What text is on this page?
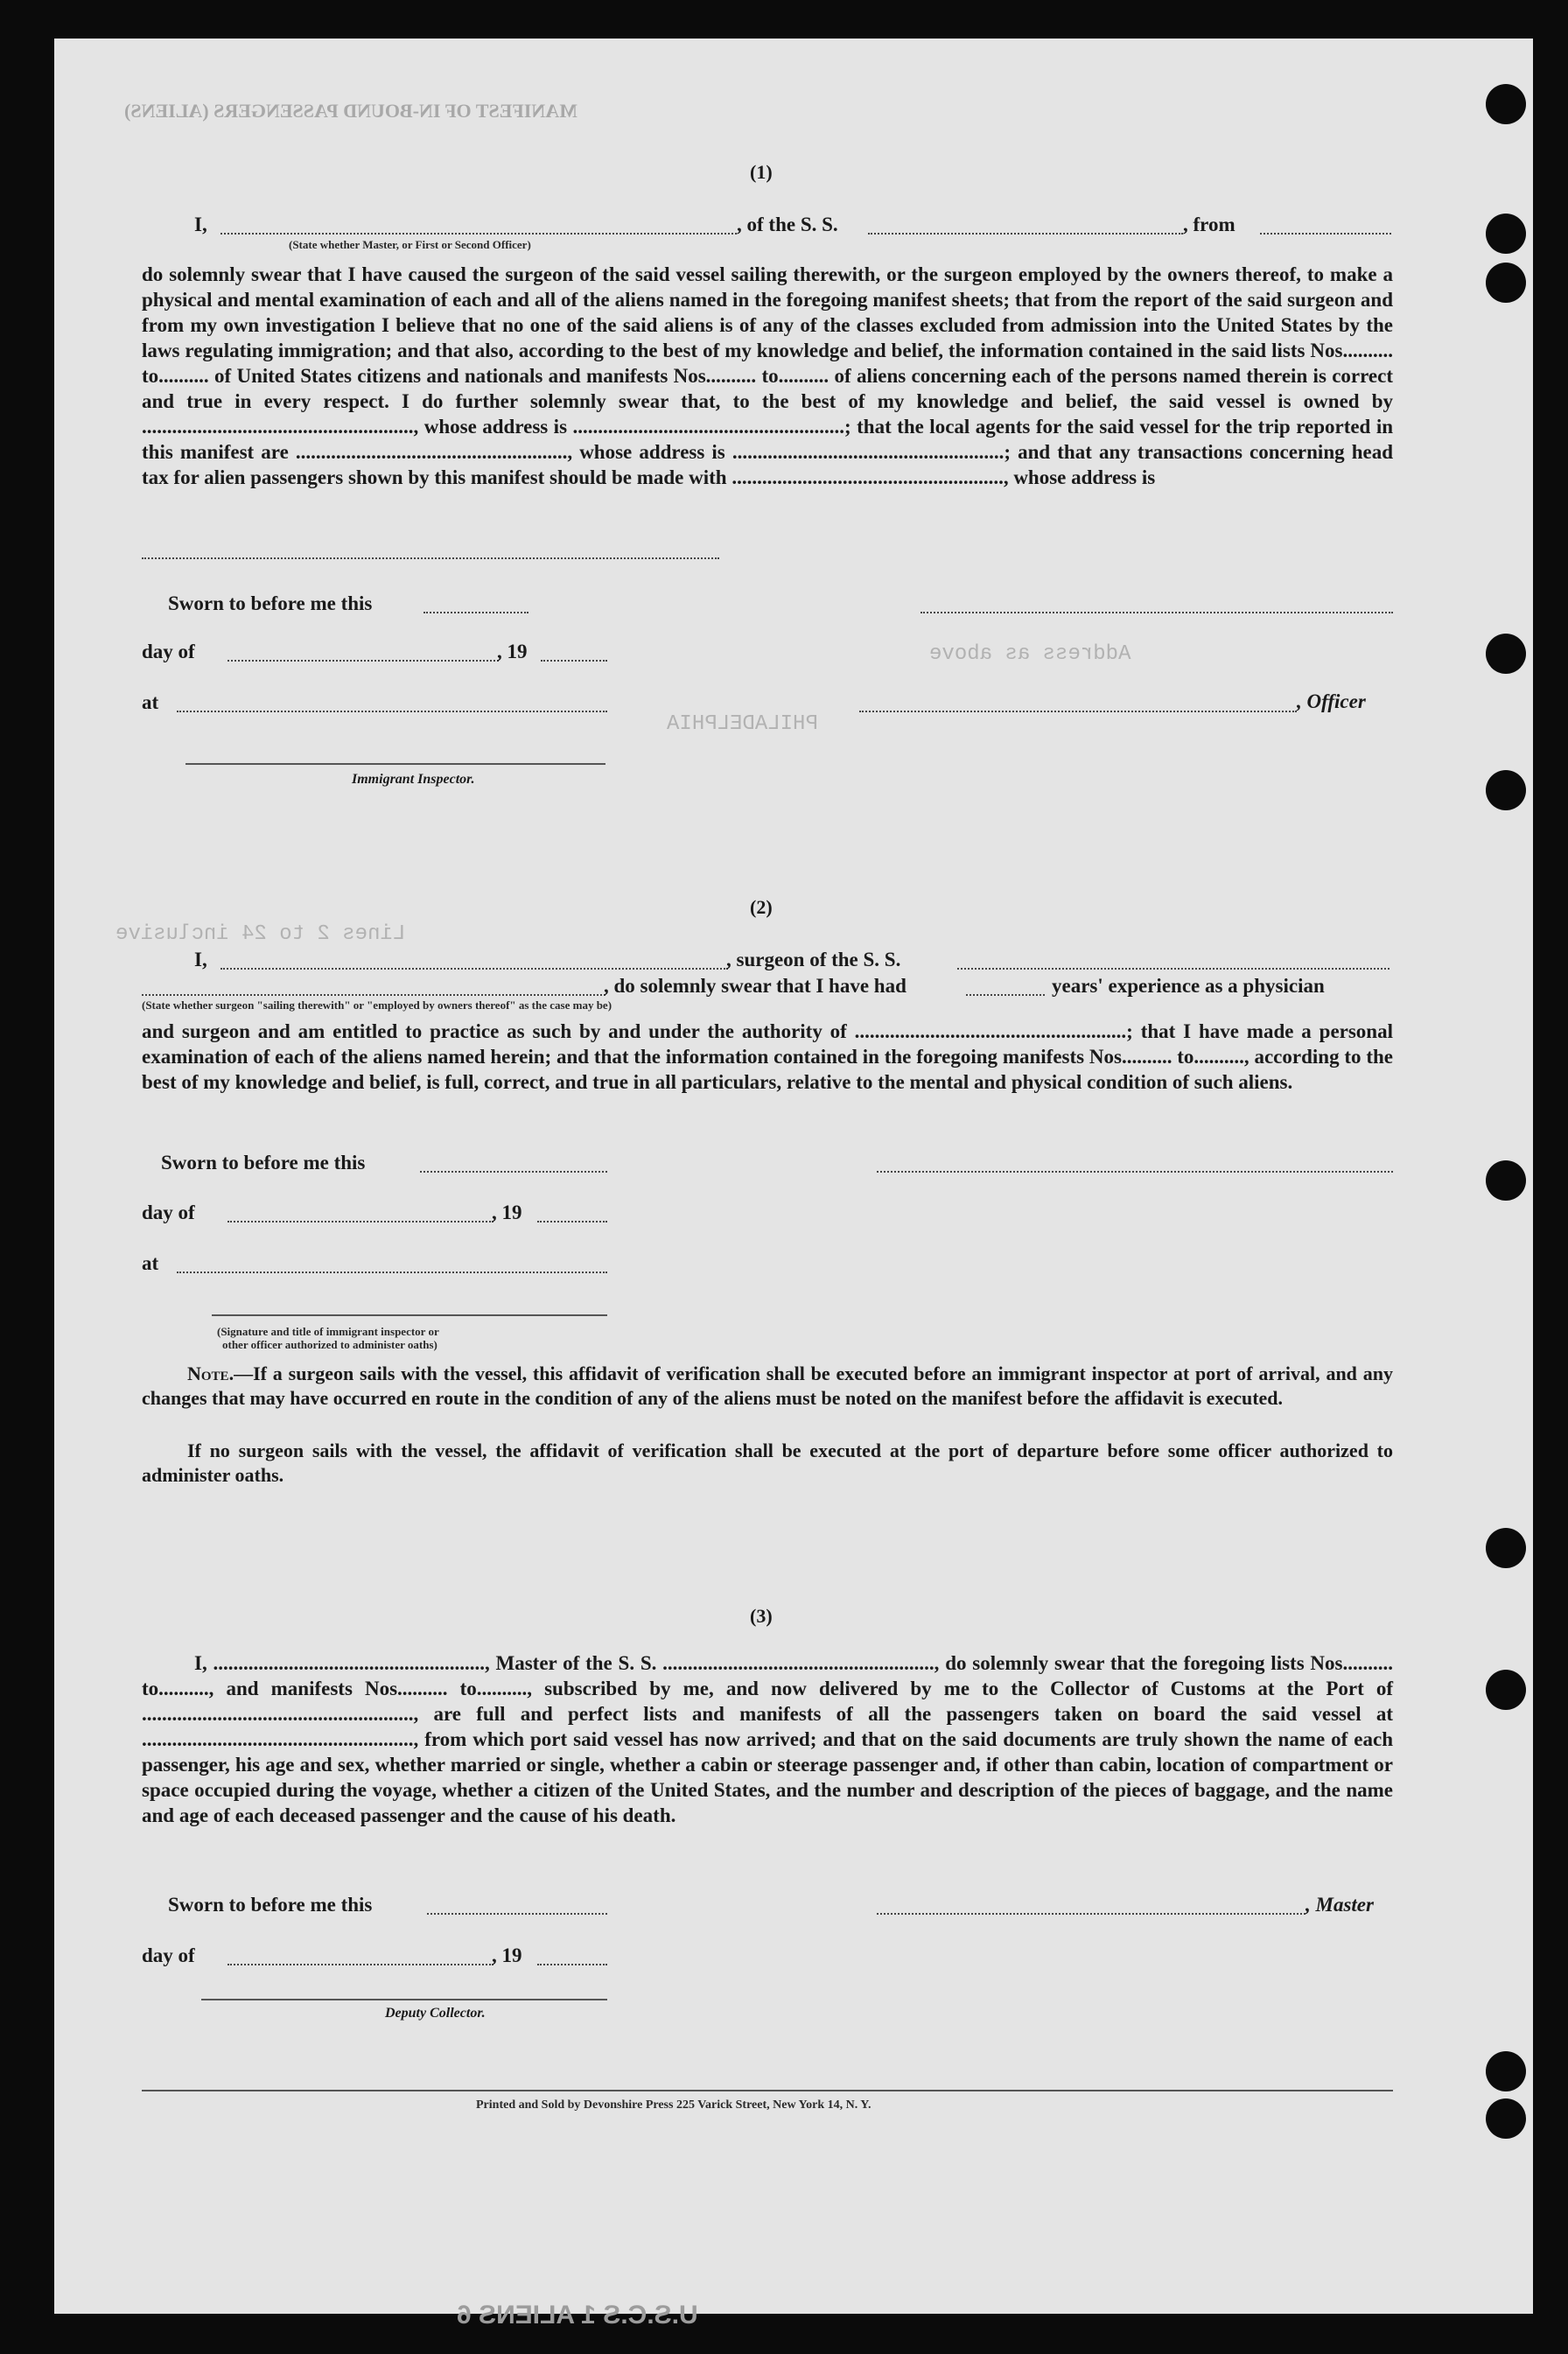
MANIFEST OF IN-BOUND PASSENGERS (ALIENS)
Lines 2 to 24 inclusive
PHILADELPHIA
Address as above
U.S.C.S 1 ALIENS 6
(1)
I,
(State whether Master, or First or Second Officer)
, of the S. S.	, from
do solemnly swear that I have caused the surgeon of the said vessel sailing therewith, or the surgeon employed by the owners thereof, to make a physical and mental examination of each and all of the aliens named in the foregoing manifest sheets; that from the report of the said surgeon and from my own investigation I believe that no one of the said aliens is of any of the classes excluded from admission into the United States by the laws regulating immigration; and that also, according to the best of my knowledge and belief, the information contained in the said lists Nos.......... to.......... of United States citizens and nationals and manifests Nos.......... to.......... of aliens concerning each of the persons named therein is correct and true in every respect. I do further solemnly swear that, to the best of my knowledge and belief, the said vessel is owned by ......................................................, whose address is ......................................................; that the local agents for the said vessel for the trip reported in this manifest are ......................................................, whose address is ......................................................; and that any transactions concerning head tax for alien passengers shown by this manifest should be made with ......................................................, whose address is
Sworn to before me this
day of	, 19
, Officer
at
Immigrant Inspector.
(2)
I,	, surgeon of the S. S.
, do solemnly swear that I have had	years' experience as a physician
(State whether surgeon "sailing therewith" or "employed by owners thereof" as the case may be)
and surgeon and am entitled to practice as such by and under the authority of ......................................................; that I have made a personal examination of each of the aliens named herein; and that the information contained in the foregoing manifests Nos.......... to.........., according to the best of my knowledge and belief, is full, correct, and true in all particulars, relative to the mental and physical condition of such aliens.
Sworn to before me this
day of	, 19
at
(Signature and title of immigrant inspector or
other officer authorized to administer oaths)
Note.—If a surgeon sails with the vessel, this affidavit of verification shall be executed before an immigrant inspector at port of arrival, and any changes that may have occurred en route in the condition of any of the aliens must be noted on the manifest before the affidavit is executed.
If no surgeon sails with the vessel, the affidavit of verification shall be executed at the port of departure before some officer authorized to administer oaths.
(3)
I, ......................................................, Master of the S. S. ......................................................, do solemnly swear that the foregoing lists Nos.......... to.........., and manifests Nos.......... to.........., subscribed by me, and now delivered by me to the Collector of Customs at the Port of ......................................................, are full and perfect lists and manifests of all the passengers taken on board the said vessel at ......................................................, from which port said vessel has now arrived; and that on the said documents are truly shown the name of each passenger, his age and sex, whether married or single, whether a cabin or steerage passenger and, if other than cabin, location of compartment or space occupied during the voyage, whether a citizen of the United States, and the number and description of the pieces of baggage, and the name and age of each deceased passenger and the cause of his death.
Sworn to before me this	, Master
day of	, 19
Deputy Collector.
Printed and Sold by Devonshire Press 225 Varick Street, New York 14, N. Y.
